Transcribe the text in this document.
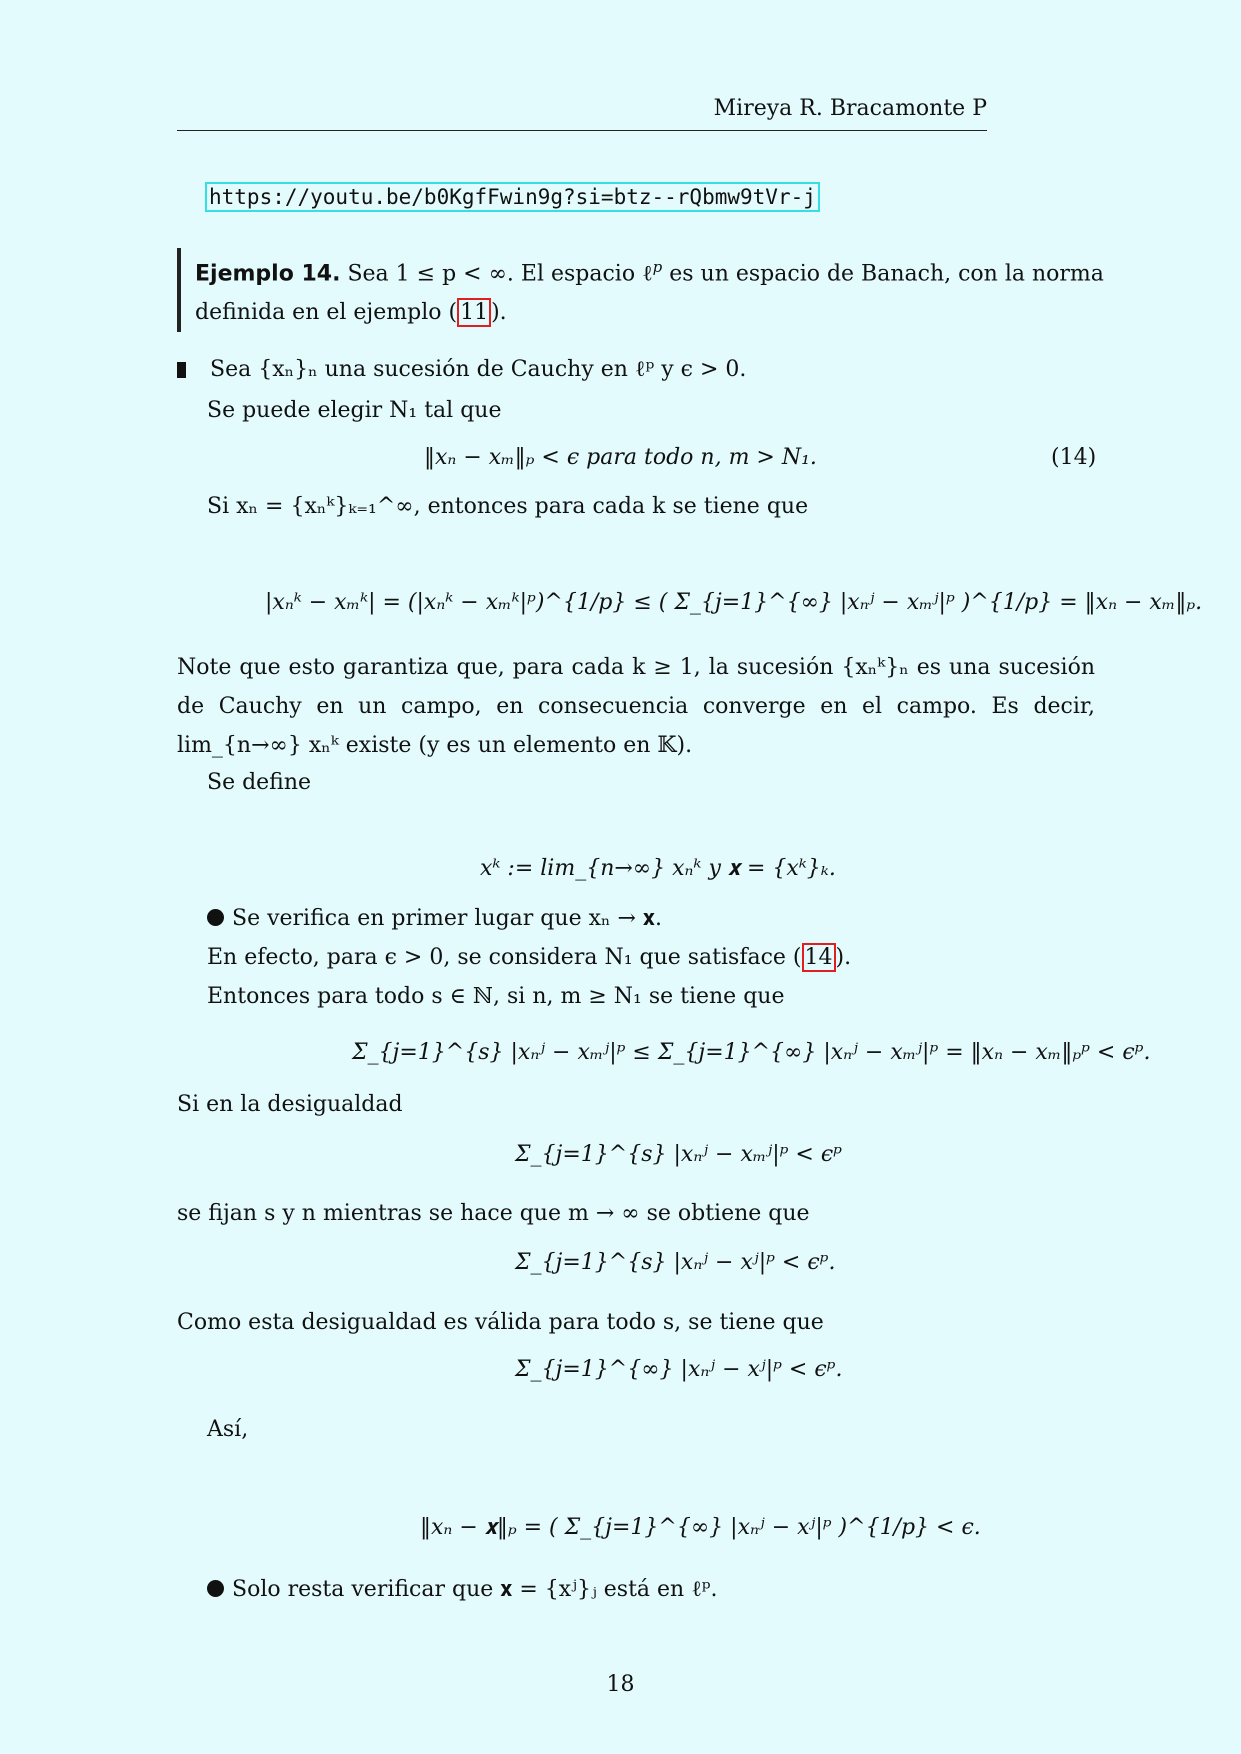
Mireya R. Bracamonte P
https://youtu.be/b0KgfFwin9g?si=btz--rQbmw9tVr-j
Ejemplo 14. Sea 1 ≤ p < ∞. El espacio ℓ$^p$ es un espacio de Banach, con la norma
definida en el ejemplo ( 11 ).
Sea {xₙ}ₙ una sucesión de Cauchy en ℓᵖ y ϵ > 0.
Se puede elegir N₁ tal que
‖xₙ − xₘ‖ₚ < ϵ para todo n, m > N₁.	(14)
Si xₙ = {xₙᵏ}ₖ₌₁^∞, entonces para cada k se tiene que
|xₙᵏ − xₘᵏ| = (|xₙᵏ − xₘᵏ|ᵖ)^{1/p} ≤ ( Σ_{j=1}^{∞} |xₙʲ − xₘʲ|ᵖ )^{1/p} = ‖xₙ − xₘ‖ₚ.
Note que esto garantiza que, para cada k ≥ 1, la sucesión {xₙᵏ}ₙ es una sucesión de Cauchy en un campo, en consecuencia converge en el campo. Es decir, lim_{n→∞} xₙᵏ existe (y es un elemento en 𝕂).
Se define
xᵏ := lim_{n→∞} xₙᵏ y 𝐱 = {xᵏ}ₖ.
Se verifica en primer lugar que xₙ → 𝐱.
En efecto, para ϵ > 0, se considera N₁ que satisface ( 14 ).
Entonces para todo s ∈ ℕ, si n, m ≥ N₁ se tiene que
Σ_{j=1}^{s} |xₙʲ − xₘʲ|ᵖ ≤ Σ_{j=1}^{∞} |xₙʲ − xₘʲ|ᵖ = ‖xₙ − xₘ‖ₚᵖ < ϵᵖ.
Si en la desigualdad
Σ_{j=1}^{s} |xₙʲ − xₘʲ|ᵖ < ϵᵖ
se fijan s y n mientras se hace que m → ∞ se obtiene que
Σ_{j=1}^{s} |xₙʲ − xʲ|ᵖ < ϵᵖ.
Como esta desigualdad es válida para todo s, se tiene que
Σ_{j=1}^{∞} |xₙʲ − xʲ|ᵖ < ϵᵖ.
Así,
‖xₙ − 𝐱‖ₚ = ( Σ_{j=1}^{∞} |xₙʲ − xʲ|ᵖ )^{1/p} < ϵ.
Solo resta verificar que 𝐱 = {xʲ}ⱼ está en ℓᵖ.
18
